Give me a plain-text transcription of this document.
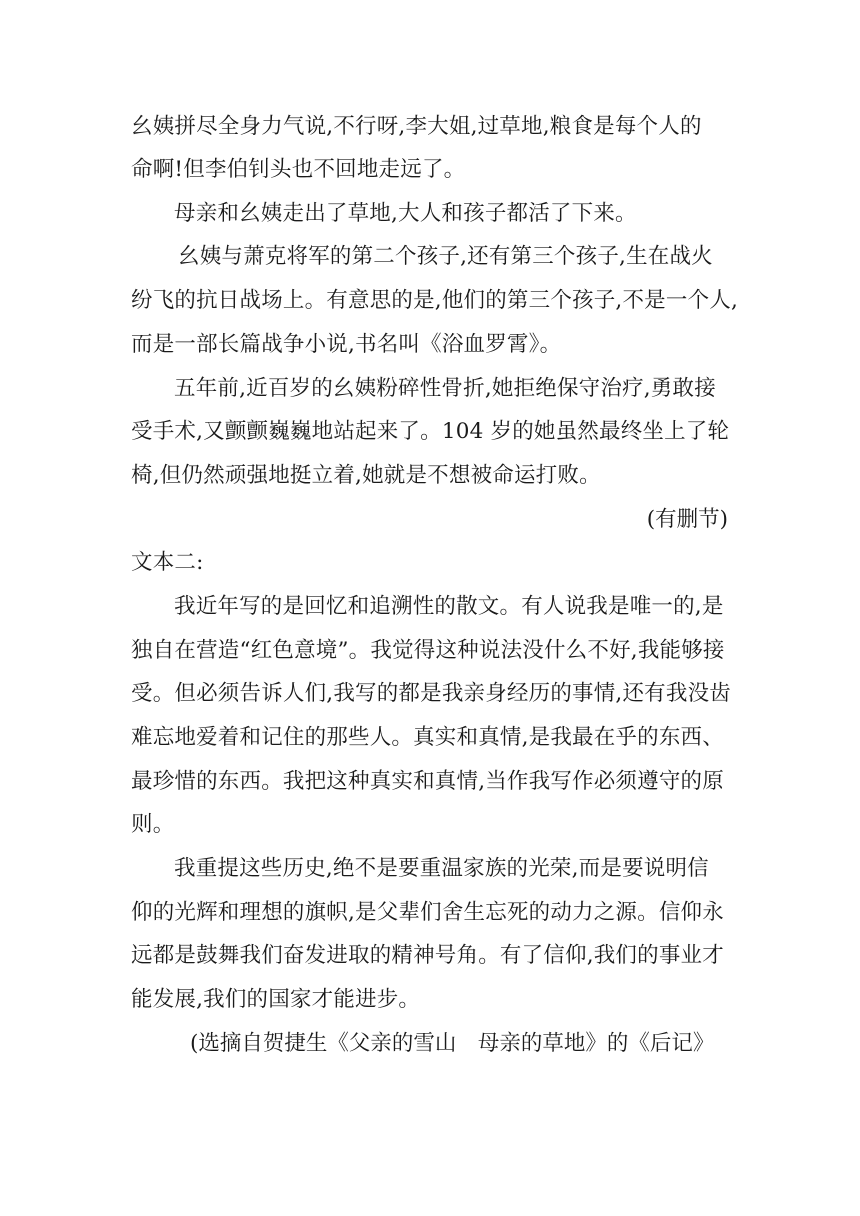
幺姨拼尽全身力气说,不行呀,李大姐,过草地,粮食是每个人的
命啊!但李伯钊头也不回地走远了。
母亲和幺姨走出了草地,大人和孩子都活了下来。
幺姨与萧克将军的第二个孩子,还有第三个孩子,生在战火
纷飞的抗日战场上。有意思的是,他们的第三个孩子,不是一个人,
而是一部长篇战争小说,书名叫《浴血罗霄》。
五年前,近百岁的幺姨粉碎性骨折,她拒绝保守治疗,勇敢接
受手术,又颤颤巍巍地站起来了。104 岁的她虽然最终坐上了轮
椅,但仍然顽强地挺立着,她就是不想被命运打败。
(有删节)
文本二:
我近年写的是回忆和追溯性的散文。有人说我是唯一的,是
独自在营造“红色意境”。我觉得这种说法没什么不好,我能够接
受。但必须告诉人们,我写的都是我亲身经历的事情,还有我没齿
难忘地爱着和记住的那些人。真实和真情,是我最在乎的东西、
最珍惜的东西。我把这种真实和真情,当作我写作必须遵守的原
则。
我重提这些历史,绝不是要重温家族的光荣,而是要说明信
仰的光辉和理想的旗帜,是父辈们舍生忘死的动力之源。信仰永
远都是鼓舞我们奋发进取的精神号角。有了信仰,我们的事业才
能发展,我们的国家才能进步。
(选摘自贺捷生《父亲的雪山　母亲的草地》的《后记》
